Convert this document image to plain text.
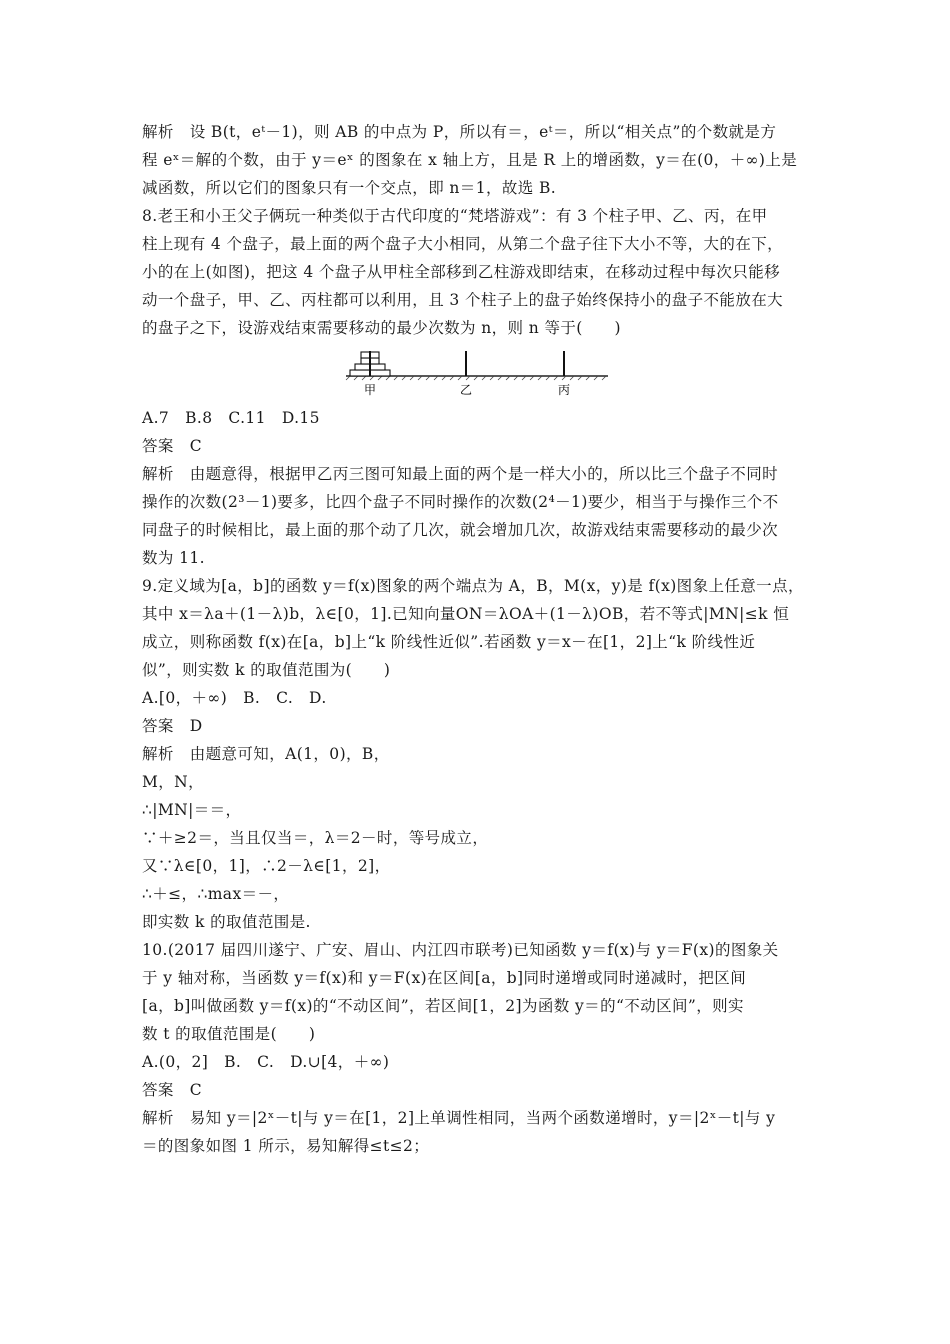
解析　设 B(t，eᵗ－1)，则 AB 的中点为 P，所以有＝，eᵗ＝，所以“相关点”的个数就是方
程 eˣ＝解的个数，由于 y＝eˣ 的图象在 x 轴上方，且是 R 上的增函数，y＝在(0，＋∞)上是
减函数，所以它们的图象只有一个交点，即 n＝1，故选 B.
8.老王和小王父子俩玩一种类似于古代印度的“梵塔游戏”：有 3 个柱子甲、乙、丙，在甲
柱上现有 4 个盘子，最上面的两个盘子大小相同，从第二个盘子往下大小不等，大的在下，
小的在上(如图)，把这 4 个盘子从甲柱全部移到乙柱游戏即结束，在移动过程中每次只能移
动一个盘子，甲、乙、丙柱都可以利用，且 3 个柱子上的盘子始终保持小的盘子不能放在大
的盘子之下，设游戏结束需要移动的最少次数为 n，则 n 等于(　　)
甲	乙	丙
A.7　B.8　C.11　D.15
答案　C
解析　由题意得，根据甲乙丙三图可知最上面的两个是一样大小的，所以比三个盘子不同时
操作的次数(2³－1)要多，比四个盘子不同时操作的次数(2⁴－1)要少，相当于与操作三个不
同盘子的时候相比，最上面的那个动了几次，就会增加几次，故游戏结束需要移动的最少次
数为 11.
9.定义域为[a，b]的函数 y＝f(x)图象的两个端点为 A，B，M(x，y)是 f(x)图象上任意一点，
其中 x＝λa＋(1－λ)b，λ∈[0，1].已知向量ON＝λOA＋(1－λ)OB，若不等式|MN|≤k 恒
成立，则称函数 f(x)在[a，b]上“k 阶线性近似”.若函数 y＝x－在[1，2]上“k 阶线性近
似”，则实数 k 的取值范围为(　　)
A.[0，＋∞)　B.　C.　D.
答案　D
解析　由题意可知，A(1，0)，B，
M，N，
∴|MN|＝＝，
∵＋≥2＝，当且仅当＝，λ＝2－时，等号成立，
又∵λ∈[0，1]，∴2－λ∈[1，2]，
∴＋≤，∴max＝－，
即实数 k 的取值范围是.
10.(2017 届四川遂宁、广安、眉山、内江四市联考)已知函数 y＝f(x)与 y＝F(x)的图象关
于 y 轴对称，当函数 y＝f(x)和 y＝F(x)在区间[a，b]同时递增或同时递减时，把区间
[a，b]叫做函数 y＝f(x)的“不动区间”，若区间[1，2]为函数 y＝的“不动区间”，则实
数 t 的取值范围是(　　)
A.(0，2]　B.　C.　D.∪[4，＋∞)
答案　C
解析　易知 y＝|2ˣ－t|与 y＝在[1，2]上单调性相同，当两个函数递增时，y＝|2ˣ－t|与 y
＝的图象如图 1 所示，易知解得≤t≤2；
